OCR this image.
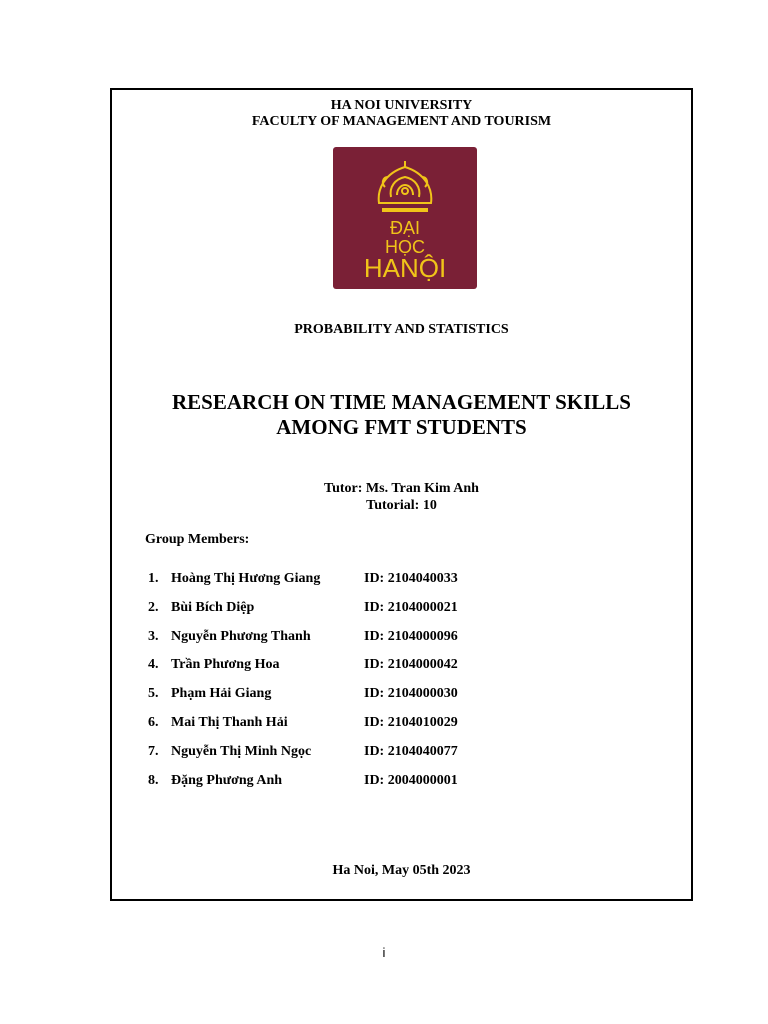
HA NOI UNIVERSITY
FACULTY OF MANAGEMENT AND TOURISM
ĐẠI
HỌC
HANỘI
PROBABILITY AND STATISTICS
RESEARCH ON TIME MANAGEMENT SKILLS
AMONG FMT STUDENTS
Tutor: Ms. Tran Kim Anh
Tutorial: 10
Group Members:
1. Hoàng Thị Hương Giang	ID: 2104040033
2. Bùi Bích Diệp	ID: 2104000021
3. Nguyễn Phương Thanh	ID: 2104000096
4. Trần Phương Hoa	ID: 2104000042
5. Phạm Hải Giang	ID: 2104000030
6. Mai Thị Thanh Hải	ID: 2104010029
7. Nguyễn Thị Minh Ngọc	ID: 2104040077
8. Đặng Phương Anh	ID: 2004000001
Ha Noi, May 05th 2023
i
